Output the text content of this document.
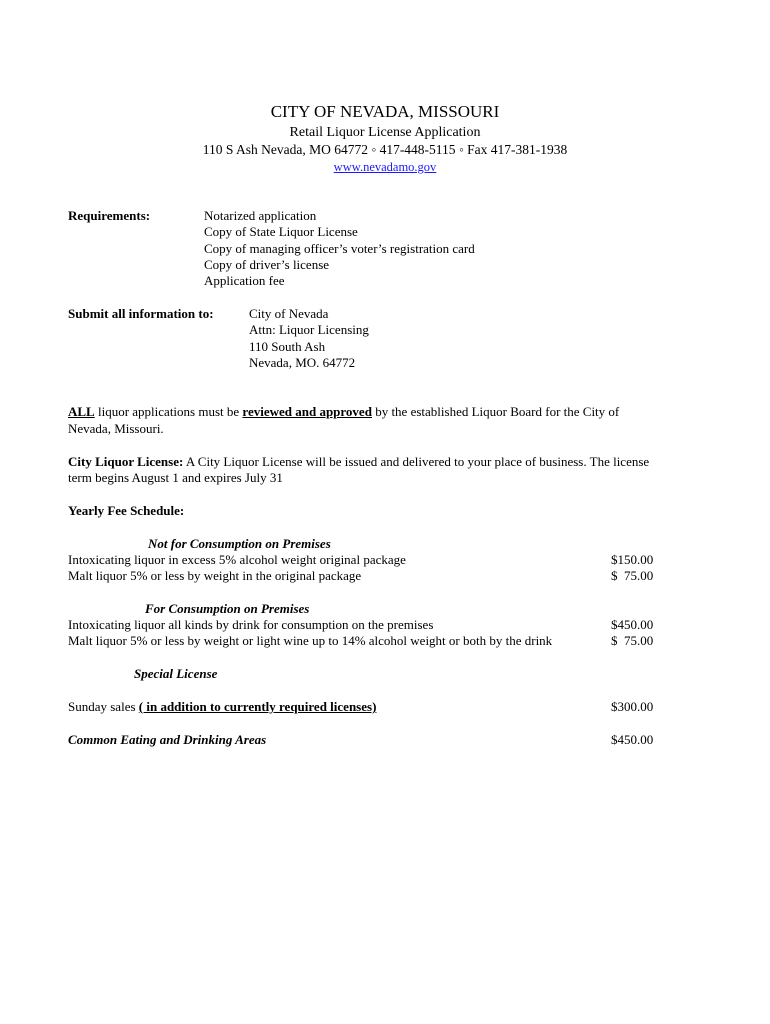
CITY OF NEVADA, MISSOURI
Retail Liquor License Application
110 S Ash Nevada, MO 64772 ◦ 417-448-5115 ◦ Fax 417-381-1938
www.nevadamo.gov
Requirements:	Notarized application
Copy of State Liquor License
Copy of managing officer’s voter’s registration card
Copy of driver’s license
Application fee
Submit all information to:	City of Nevada
Attn: Liquor Licensing
110 South Ash
Nevada, MO. 64772
ALL liquor applications must be reviewed and approved by the established Liquor Board for the City of
Nevada, Missouri.
City Liquor License: A City Liquor License will be issued and delivered to your place of business. The license
term begins August 1 and expires July 31
Yearly Fee Schedule:
Not for Consumption on Premises
Intoxicating liquor in excess 5% alcohol weight original package	$150.00
Malt liquor 5% or less by weight in the original package	$  75.00
For Consumption on Premises
Intoxicating liquor all kinds by drink for consumption on the premises	$450.00
Malt liquor 5% or less by weight or light wine up to 14% alcohol weight or both by the drink	$  75.00
Special License
Sunday sales ( in addition to currently required licenses)	$300.00
Common Eating and Drinking Areas	$450.00
